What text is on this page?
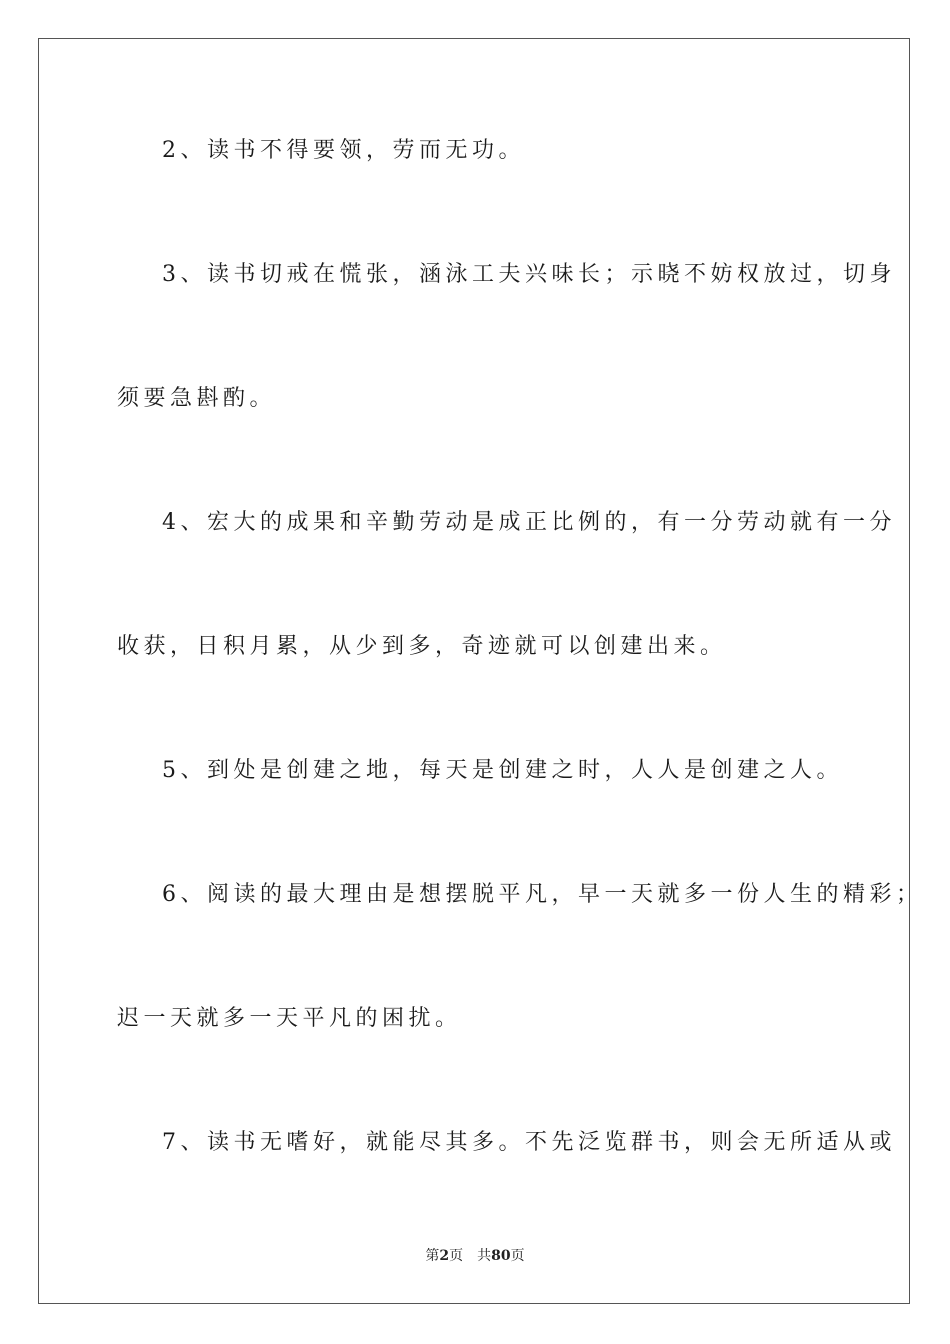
2、读书不得要领，劳而无功。
3、读书切戒在慌张，涵泳工夫兴味长；示晓不妨权放过，切身
须要急斟酌。
4、宏大的成果和辛勤劳动是成正比例的，有一分劳动就有一分
收获，日积月累，从少到多，奇迹就可以创建出来。
5、到处是创建之地，每天是创建之时，人人是创建之人。
6、阅读的最大理由是想摆脱平凡，早一天就多一份人生的精彩；
迟一天就多一天平凡的困扰。
7、读书无嗜好，就能尽其多。不先泛览群书，则会无所适从或
第2页 共80页
